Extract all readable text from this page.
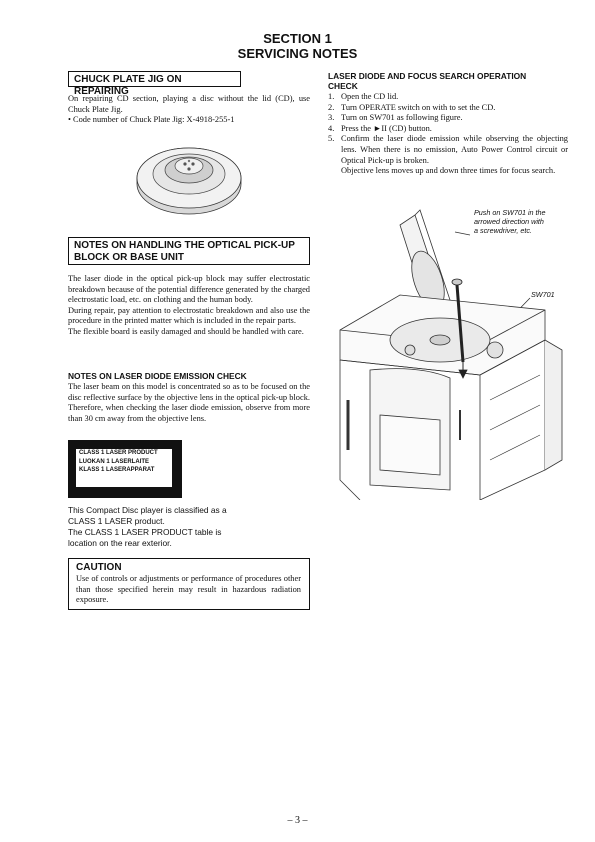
SECTION 1
SERVICING NOTES
CHUCK PLATE JIG ON REPAIRING

On repairing CD section, playing a disc without the lid (CD), use Chuck Plate Jig.

• Code number of Chuck Plate Jig: X-4918-255-1

NOTES ON HANDLING THE OPTICAL PICK-UP
BLOCK OR BASE UNIT

The laser diode in the optical pick-up block may suffer electrostatic breakdown because of the potential difference generated by the charged electrostatic load, etc. on clothing and the human body.

During repair, pay attention to electrostatic breakdown and also use the procedure in the printed matter which is included in the repair parts.

The flexible board is easily damaged and should be handled with care.

NOTES ON LASER DIODE EMISSION CHECK
The laser beam on this model is concentrated so as to be focused on the disc reflective surface by the objective lens in the optical pick-up block. Therefore, when checking the laser diode emission, observe from more than 30 cm away from the objective lens.
CLASS 1 LASER PRODUCT
LUOKAN 1 LASERLAITE
KLASS 1 LASERAPPARAT
This Compact Disc player is classified as a
CLASS 1 LASER product.
The CLASS 1 LASER PRODUCT table is
location on the rear exterior.
CAUTION
Use of controls or adjustments or performance of procedures other than those specified herein may result in hazardous radiation exposure.
LASER DIODE AND FOCUS SEARCH OPERATION
CHECK
1. Open the CD lid.
2. Turn OPERATE switch on with to set the CD.
3. Turn on SW701 as following figure.
4. Press the ►II (CD) button.
5. Confirm the laser diode emission while observing the objecting lens. When there is no emission, Auto Power Control circuit or Optical Pick-up is broken.
Objective lens moves up and down three times for focus search.
Push on SW701 in the
arrowed direction with
a screwdriver, etc.
SW701
– 3 –
